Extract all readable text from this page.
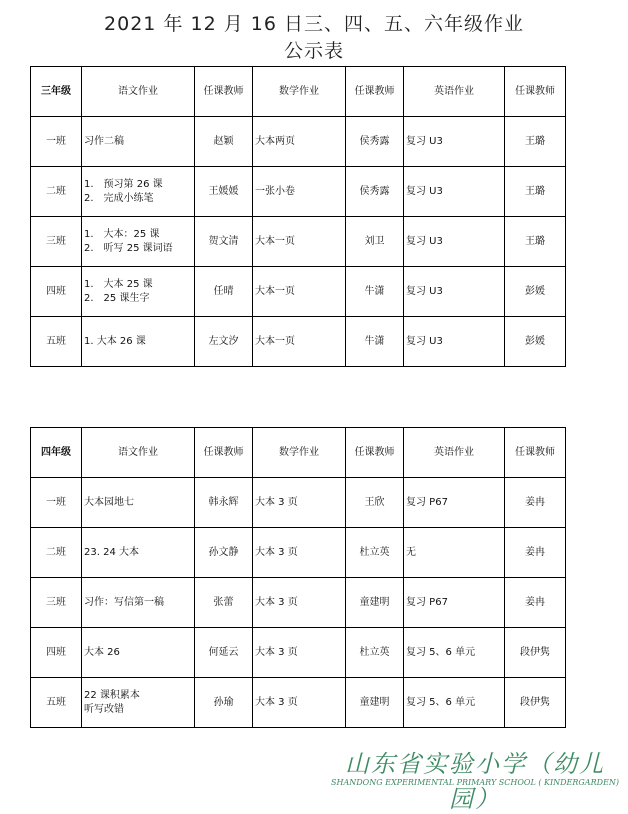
2021 年 12 月 16 日三、四、五、六年级作业
公示表
三年级	语文作业	任课教师	数学作业	任课教师	英语作业	任课教师
一班	习作二稿	赵颖	大本两页	侯秀露	复习 U3	王璐
二班	1.　预习第 26 课
2.　完成小练笔	王媛媛	一张小卷	侯秀露	复习 U3	王璐
三班	1.　大本：25 课
2.　听写 25 课词语	贺文清	大本一页	刘卫	复习 U3	王璐
四班	1.　大本 25 课
2.　25 课生字	任晴	大本一页	牛潇	复习 U3	彭媛
五班	1. 大本 26 课	左文汐	大本一页	牛潇	复习 U3	彭媛
四年级	语文作业	任课教师	数学作业	任课教师	英语作业	任课教师
一班	大本园地七	韩永辉	大本 3 页	王欣	复习 P67	姜冉
二班	23. 24 大本	孙文静	大本 3 页	杜立英	无	姜冉
三班	习作：写信第一稿	张蕾	大本 3 页	童建明	复习 P67	姜冉
四班	大本 26	何延云	大本 3 页	杜立英	复习 5、6 单元	段伊隽
五班	22 课积累本
听写改错	孙瑜	大本 3 页	童建明	复习 5、6 单元	段伊隽
山东省实验小学（幼儿园）
SHANDONG EXPERIMENTAL PRIMARY SCHOOL ( KINDERGARDEN)
